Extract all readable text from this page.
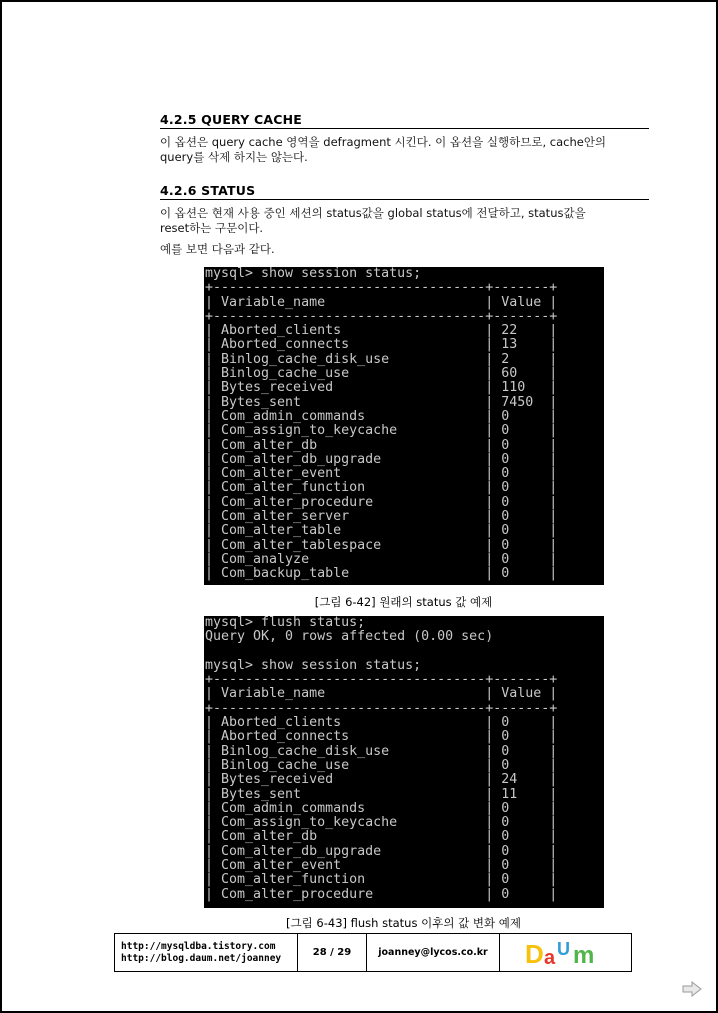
4.2.5 QUERY CACHE
이 옵션은 query cache 영역을 defragment 시킨다. 이 옵션을 실행하므로, cache안의
query를 삭제 하지는 않는다.
4.2.6 STATUS
이 옵션은 현재 사용 중인 세션의 status값을 global status에 전달하고, status값을
reset하는 구문이다.
예를 보면 다음과 같다.
mysql> show session status;
+----------------------------------+-------+
| Variable_name                    | Value |
+----------------------------------+-------+
| Aborted_clients                  | 22    |
| Aborted_connects                 | 13    |
| Binlog_cache_disk_use            | 2     |
| Binlog_cache_use                 | 60    |
| Bytes_received                   | 110   |
| Bytes_sent                       | 7450  |
| Com_admin_commands               | 0     |
| Com_assign_to_keycache           | 0     |
| Com_alter_db                     | 0     |
| Com_alter_db_upgrade             | 0     |
| Com_alter_event                  | 0     |
| Com_alter_function               | 0     |
| Com_alter_procedure              | 0     |
| Com_alter_server                 | 0     |
| Com_alter_table                  | 0     |
| Com_alter_tablespace             | 0     |
| Com_analyze                      | 0     |
| Com_backup_table                 | 0     |
[그림 6-42] 원래의 status 값 예제
mysql> flush status;
Query OK, 0 rows affected (0.00 sec)
mysql> show session status;
+----------------------------------+-------+
| Variable_name                    | Value |
+----------------------------------+-------+
| Aborted_clients                  | 0     |
| Aborted_connects                 | 0     |
| Binlog_cache_disk_use            | 0     |
| Binlog_cache_use                 | 0     |
| Bytes_received                   | 24    |
| Bytes_sent                       | 11    |
| Com_admin_commands               | 0     |
| Com_assign_to_keycache           | 0     |
| Com_alter_db                     | 0     |
| Com_alter_db_upgrade             | 0     |
| Com_alter_event                  | 0     |
| Com_alter_function               | 0     |
| Com_alter_procedure              | 0     |
[그림 6-43] flush status 이후의 값 변화 예제
http://mysqldba.tistory.com
http://blog.daum.net/joanney	28 / 29	joanney@lycos.co.kr	D a U m
